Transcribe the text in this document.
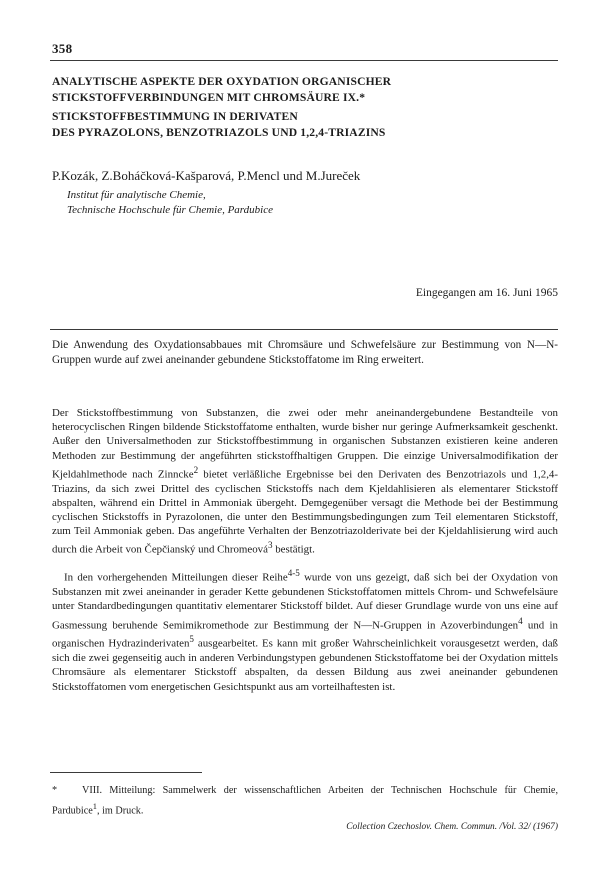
358
ANALYTISCHE ASPEKTE DER OXYDATION ORGANISCHER
STICKSTOFFVERBINDUNGEN MIT CHROMSÄURE IX.*
STICKSTOFFBESTIMMUNG IN DERIVATEN
DES PYRAZOLONS, BENZOTRIAZOLS UND 1,2,4-TRIAZINS
P.Kozák, Z.Boháčková-Kašparová, P.Mencl und M.Jureček
Institut für analytische Chemie,
Technische Hochschule für Chemie, Pardubice
Eingegangen am 16. Juni 1965
Die Anwendung des Oxydationsabbaues mit Chromsäure und Schwefelsäure zur Bestimmung von N—N-Gruppen wurde auf zwei aneinander gebundene Stickstoffatome im Ring erweitert.

Der Stickstoffbestimmung von Substanzen, die zwei oder mehr aneinandergebundene Bestandteile von heterocyclischen Ringen bildende Stickstoffatome enthalten, wurde bisher nur geringe Aufmerksamkeit geschenkt. Außer den Universalmethoden zur Stickstoffbestimmung in organischen Substanzen existieren keine anderen Methoden zur Bestimmung der angeführten stickstoffhaltigen Gruppen. Die einzige Universalmodifikation der Kjeldahlmethode nach Zinncke$^2$ bietet verläßliche Ergebnisse bei den Derivaten des Benzotriazols und 1,2,4-Triazins, da sich zwei Drittel des cyclischen Stickstoffs nach dem Kjeldahlisieren als elementarer Stickstoff abspalten, während ein Drittel in Ammoniak übergeht. Demgegenüber versagt die Methode bei der Bestimmung cyclischen Stickstoffs in Pyrazolonen, die unter den Bestimmungsbedingungen zum Teil elementaren Stickstoff, zum Teil Ammoniak geben. Das angeführte Verhalten der Benzotriazolderivate bei der Kjeldahlisierung wird auch durch die Arbeit von Čepčianský und Chromeová$^3$ bestätigt.

In den vorhergehenden Mitteilungen dieser Reihe$^{4-5}$ wurde von uns gezeigt, daß sich bei der Oxydation von Substanzen mit zwei aneinander in gerader Kette gebundenen Stickstoffatomen mittels Chrom- und Schwefelsäure unter Standardbedingungen quantitativ elementarer Stickstoff bildet. Auf dieser Grundlage wurde von uns eine auf Gasmessung beruhende Semimikromethode zur Bestimmung der N—N-Gruppen in Azoverbindungen$^4$ und in organischen Hydrazinderivaten$^5$ ausgearbeitet. Es kann mit großer Wahrscheinlichkeit vorausgesetzt werden, daß sich die zwei gegenseitig auch in anderen Verbindungstypen gebundenen Stickstoffatome bei der Oxydation mittels Chromsäure als elementarer Stickstoff abspalten, da dessen Bildung aus zwei aneinander gebundenen Stickstoffatomen vom energetischen Gesichtspunkt aus am vorteilhaftesten ist.

* VIII. Mitteilung: Sammelwerk der wissenschaftlichen Arbeiten der Technischen Hochschule für Chemie, Pardubice$^1$, im Druck.
Collection Czechoslov. Chem. Commun. /Vol. 32/ (1967)
